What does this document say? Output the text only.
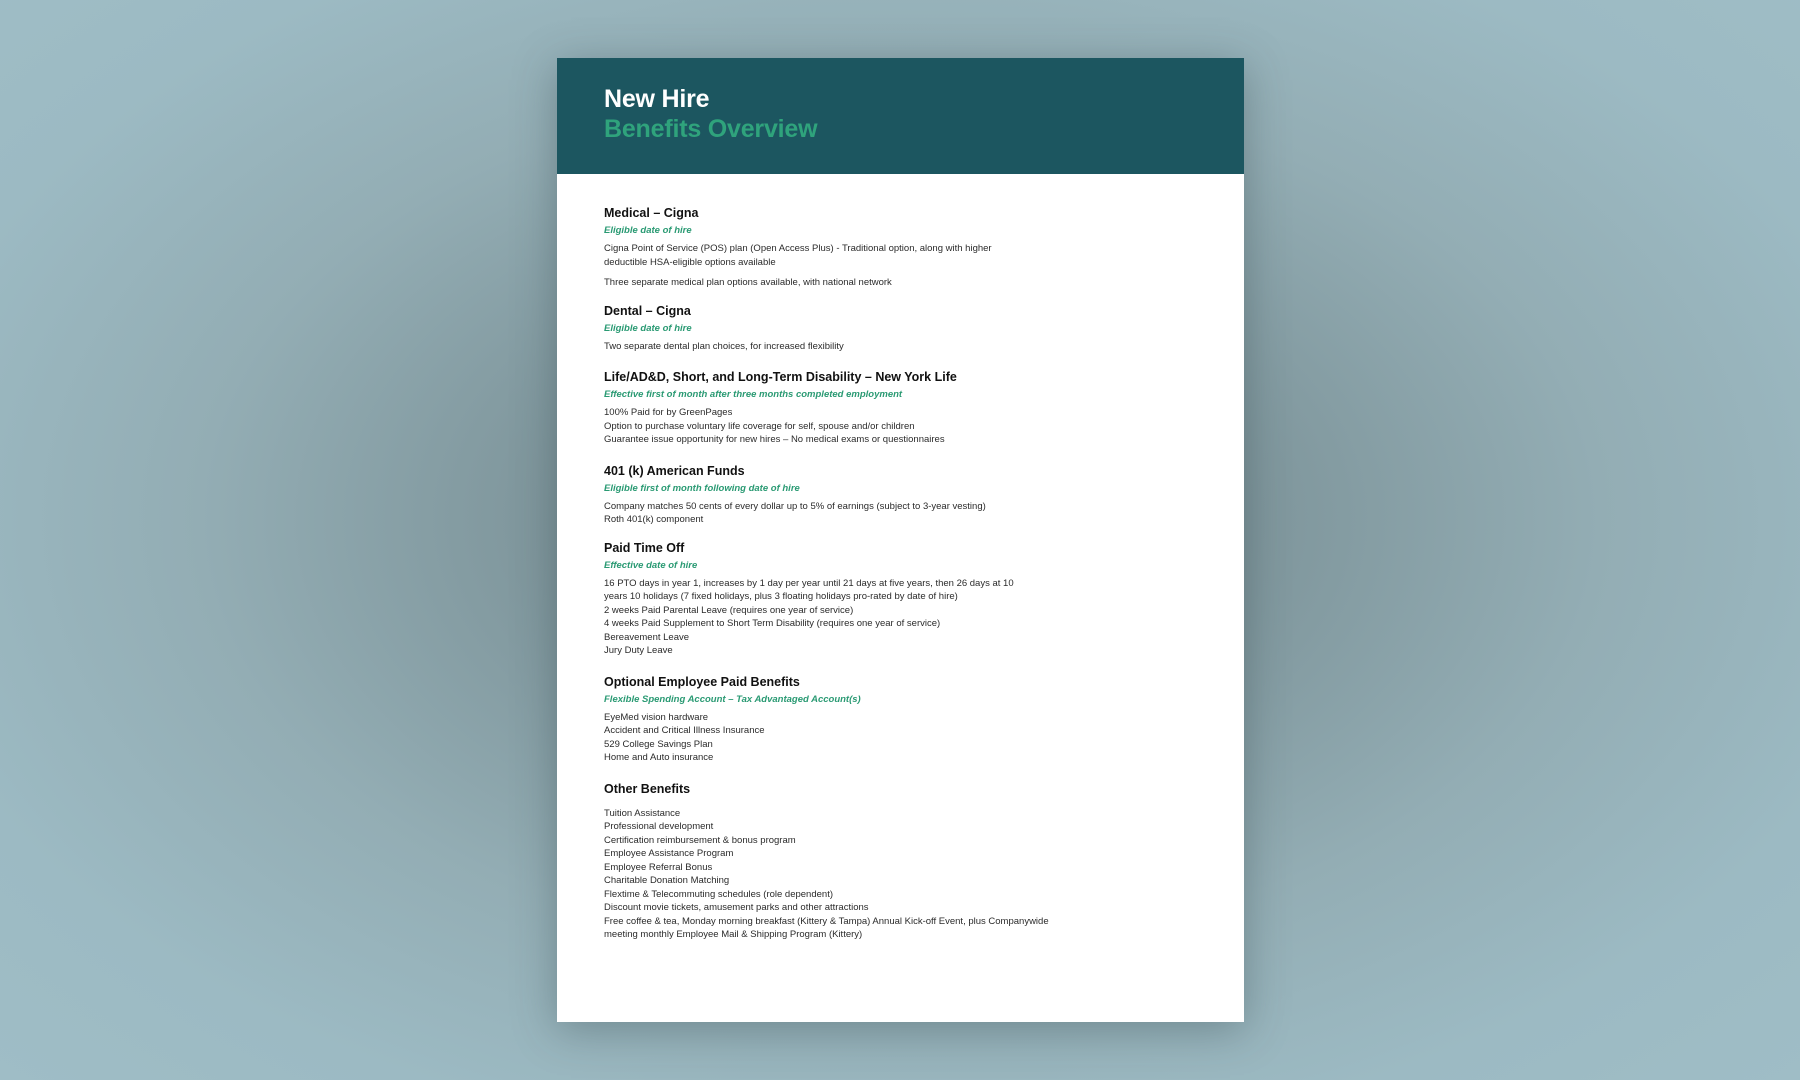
New Hire
Benefits Overview
Medical – Cigna
Eligible date of hire
Cigna Point of Service (POS) plan (Open Access Plus) - Traditional option, along with higher
deductible HSA-eligible options available
Three separate medical plan options available, with national network
Dental – Cigna
Eligible date of hire
Two separate dental plan choices, for increased flexibility
Life/AD&D, Short, and Long-Term Disability – New York Life
Effective first of month after three months completed employment
100% Paid for by GreenPages
Option to purchase voluntary life coverage for self, spouse and/or children
Guarantee issue opportunity for new hires – No medical exams or questionnaires
401 (k) American Funds
Eligible first of month following date of hire
Company matches 50 cents of every dollar up to 5% of earnings (subject to 3-year vesting)
Roth 401(k) component
Paid Time Off
Effective date of hire
16 PTO days in year 1, increases by 1 day per year until 21 days at five years, then 26 days at 10
years 10 holidays (7 fixed holidays, plus 3 floating holidays pro-rated by date of hire)
2 weeks Paid Parental Leave (requires one year of service)
4 weeks Paid Supplement to Short Term Disability (requires one year of service)
Bereavement Leave
Jury Duty Leave
Optional Employee Paid Benefits
Flexible Spending Account – Tax Advantaged Account(s)
EyeMed vision hardware
Accident and Critical Illness Insurance
529 College Savings Plan
Home and Auto insurance
Other Benefits
Tuition Assistance
Professional development
Certification reimbursement & bonus program
Employee Assistance Program
Employee Referral Bonus
Charitable Donation Matching
Flextime & Telecommuting schedules (role dependent)
Discount movie tickets, amusement parks and other attractions
Free coffee & tea, Monday morning breakfast (Kittery & Tampa) Annual Kick-off Event, plus Companywide
meeting monthly Employee Mail & Shipping Program (Kittery)
